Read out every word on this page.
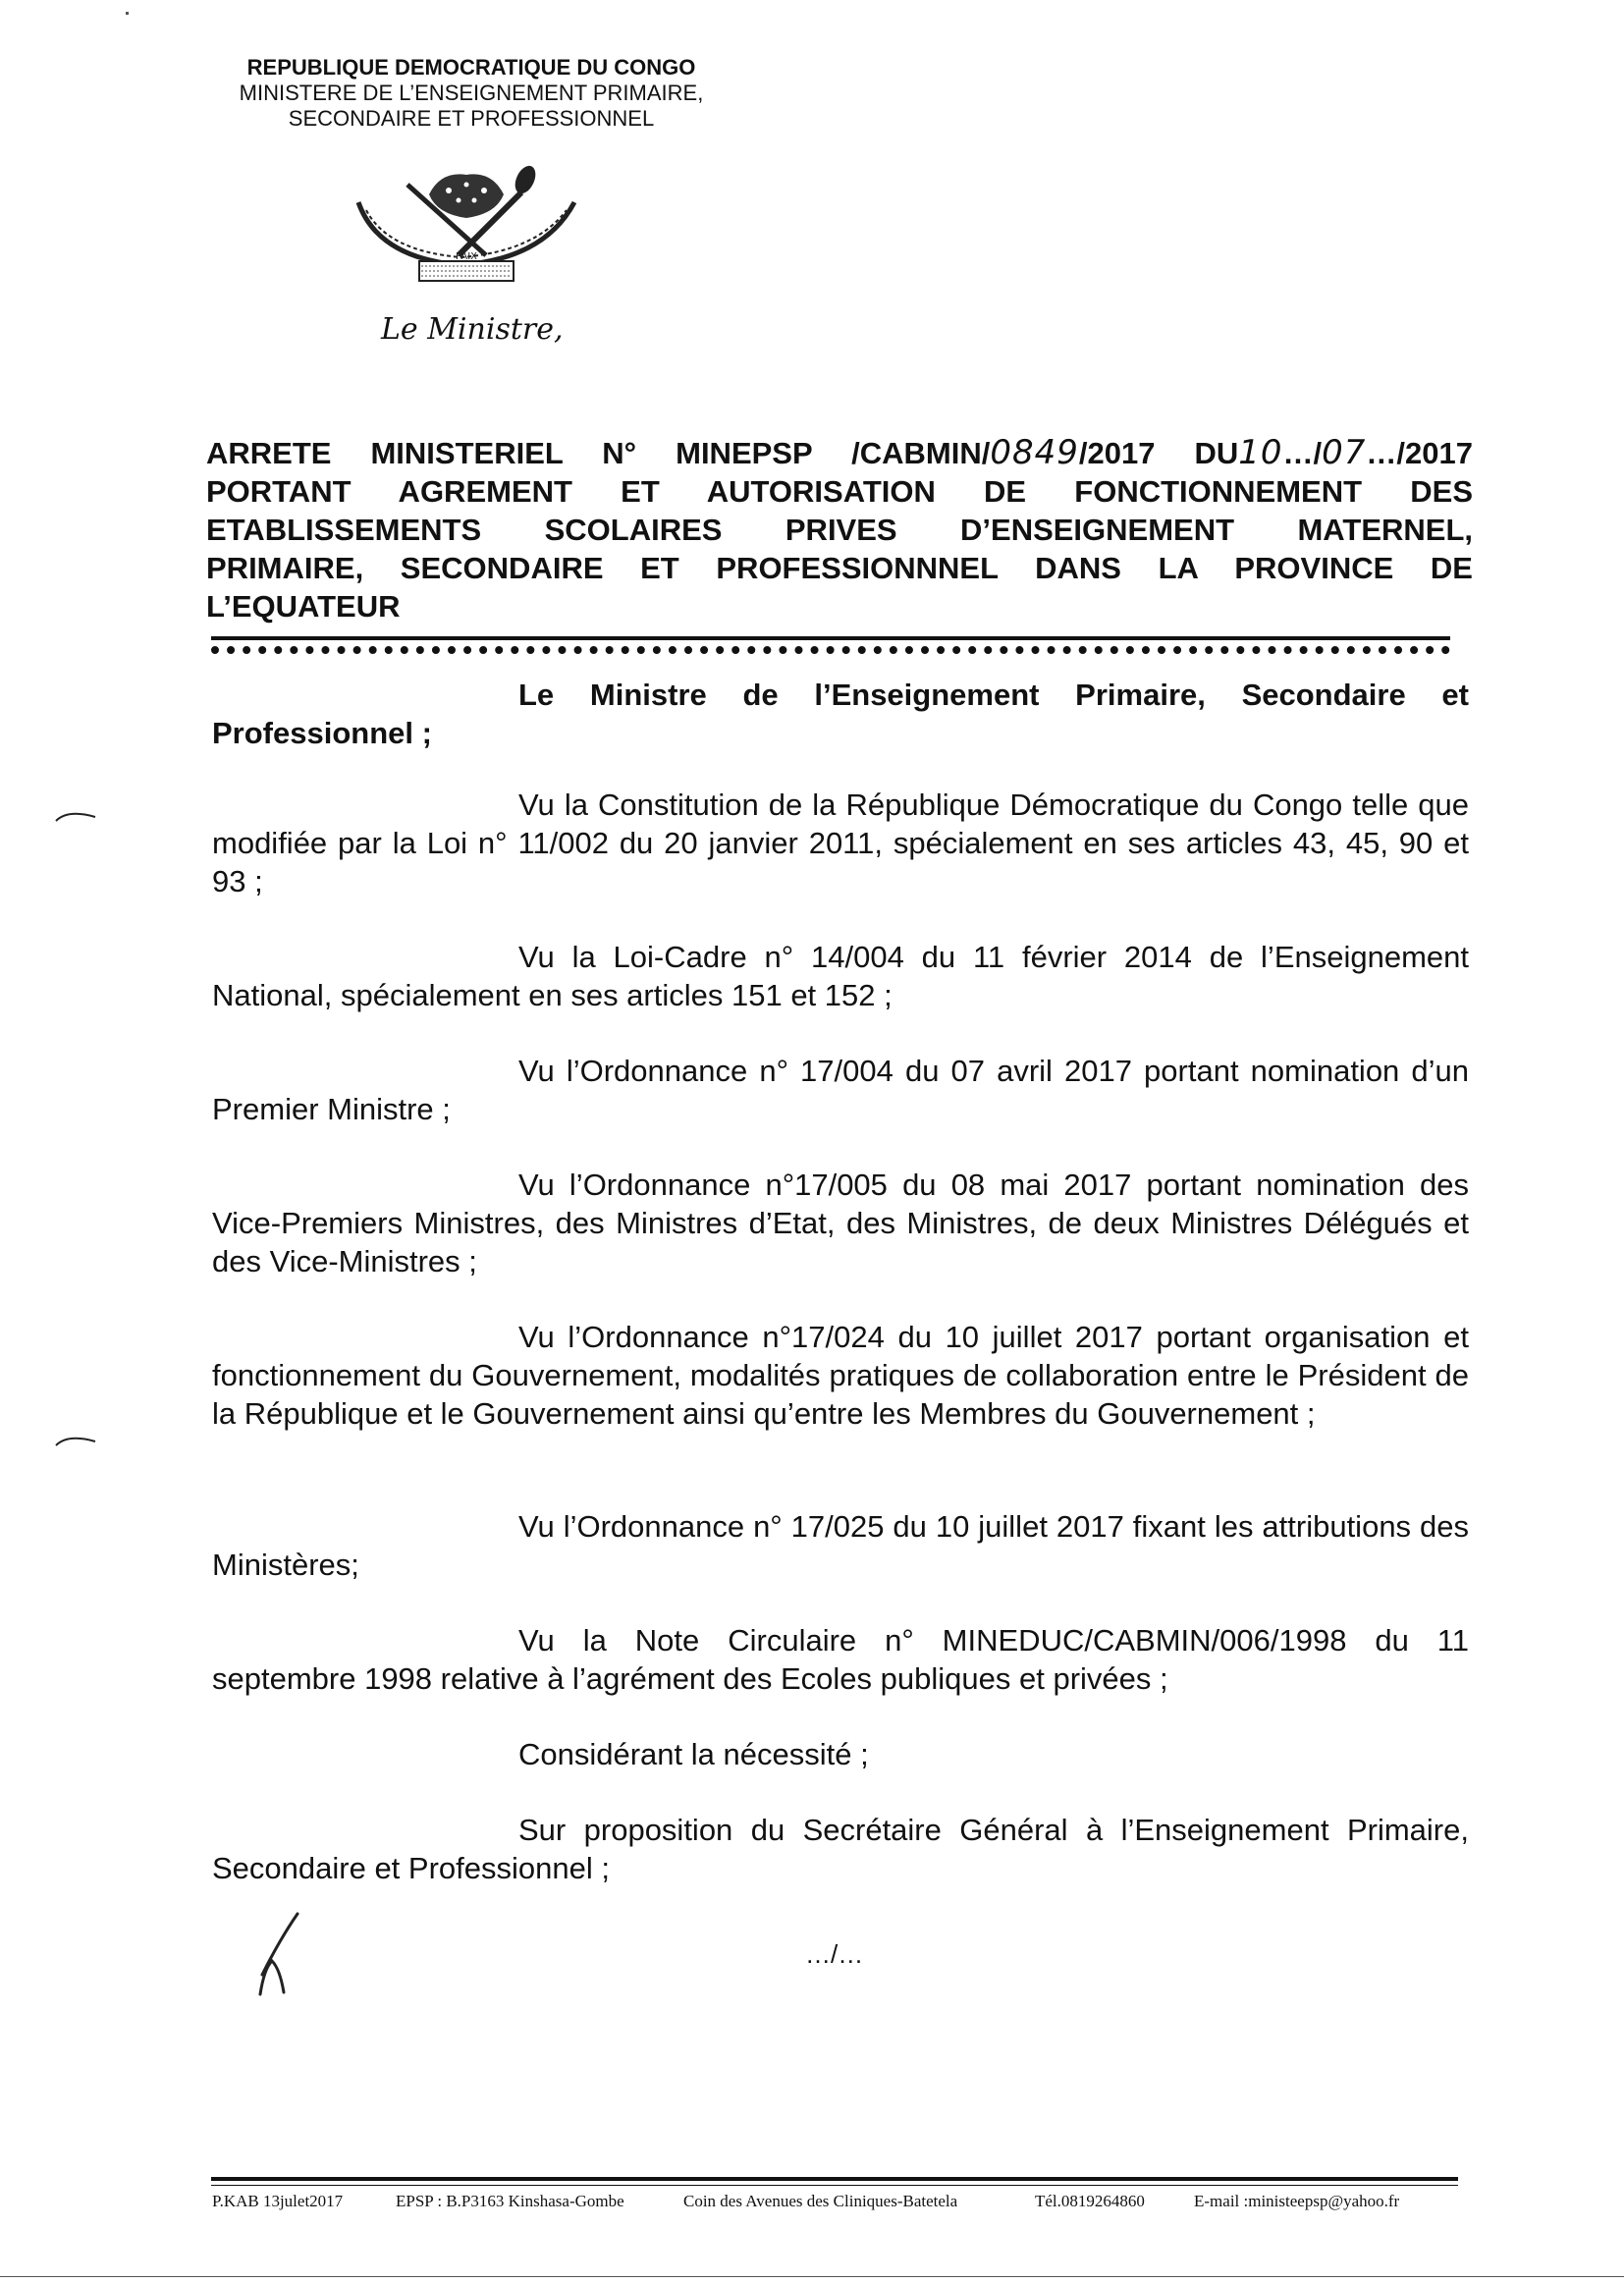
REPUBLIQUE DEMOCRATIQUE DU CONGO
MINISTERE DE L’ENSEIGNEMENT PRIMAIRE,
SECONDAIRE ET PROFESSIONNEL
PAIX
Le Ministre,
ARRETE MINISTERIEL N° MINEPSP /CABMIN/0849/2017 DU10…/07…/2017
PORTANT AGREMENT ET AUTORISATION DE FONCTIONNEMENT DES
ETABLISSEMENTS SCOLAIRES PRIVES D’ENSEIGNEMENT MATERNEL,
PRIMAIRE, SECONDAIRE ET PROFESSIONNNEL DANS LA PROVINCE DE
L’EQUATEUR
Le Ministre de l’Enseignement Primaire, Secondaire et Professionnel ;
Vu la Constitution de la République Démocratique du Congo telle que modifiée par la Loi n° 11/002 du 20 janvier 2011, spécialement en ses articles 43, 45, 90 et 93 ;
Vu la Loi-Cadre n° 14/004 du 11 février 2014 de l’Enseignement National, spécialement en ses articles 151 et 152 ;
Vu l’Ordonnance n° 17/004 du 07 avril 2017 portant nomination d’un Premier Ministre ;
Vu l’Ordonnance n°17/005 du 08 mai 2017 portant nomination des Vice-Premiers Ministres, des Ministres d’Etat, des Ministres, de deux Ministres Délégués et des Vice-Ministres ;
Vu l’Ordonnance n°17/024 du 10 juillet 2017 portant organisation et fonctionnement du Gouvernement, modalités pratiques de collaboration entre le Président de la République et le Gouvernement ainsi qu’entre les Membres du Gouvernement ;
Vu l’Ordonnance n° 17/025 du 10 juillet 2017 fixant les attributions des Ministères;
Vu la Note Circulaire n° MINEDUC/CABMIN/006/1998 du 11 septembre 1998 relative à l’agrément des Ecoles publiques et privées ;
Considérant la nécessité ;
Sur proposition du Secrétaire Général à l’Enseignement Primaire, Secondaire et Professionnel ;
…/…
P.KAB 13julet2017	EPSP : B.P3163 Kinshasa-Gombe	Coin des Avenues des Cliniques-Batetela	Tél.0819264860	E-mail :ministeepsp@yahoo.fr
